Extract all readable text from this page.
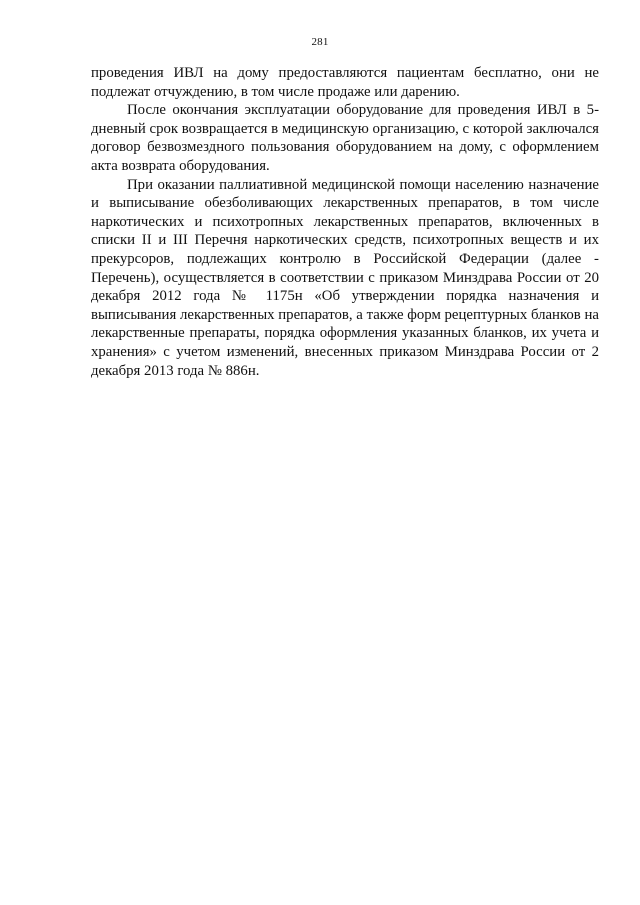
281

проведения ИВЛ на дому предоставляются пациентам бесплатно, они не подлежат отчуждению, в том числе продаже или дарению.

После окончания эксплуатации оборудование для проведения ИВЛ в 5-дневный срок возвращается в медицинскую организацию, с которой заключался договор безвозмездного пользования оборудованием на дому, с оформлением акта возврата оборудования.

При оказании паллиативной медицинской помощи населению назначение и выписывание обезболивающих лекарственных препаратов, в том числе наркотических и психотропных лекарственных препаратов, включенных в списки II и III Перечня наркотических средств, психотропных веществ и их прекурсоров, подлежащих контролю в Российской Федерации (далее - Перечень), осуществляется в соответствии с приказом Минздрава России от 20 декабря 2012 года № 1175н «Об утверждении порядка назначения и выписывания лекарственных препаратов, а также форм рецептурных бланков на лекарственные препараты, порядка оформления указанных бланков, их учета и хранения» с учетом изменений, внесенных приказом Минздрава России от 2 декабря 2013 года № 886н.
